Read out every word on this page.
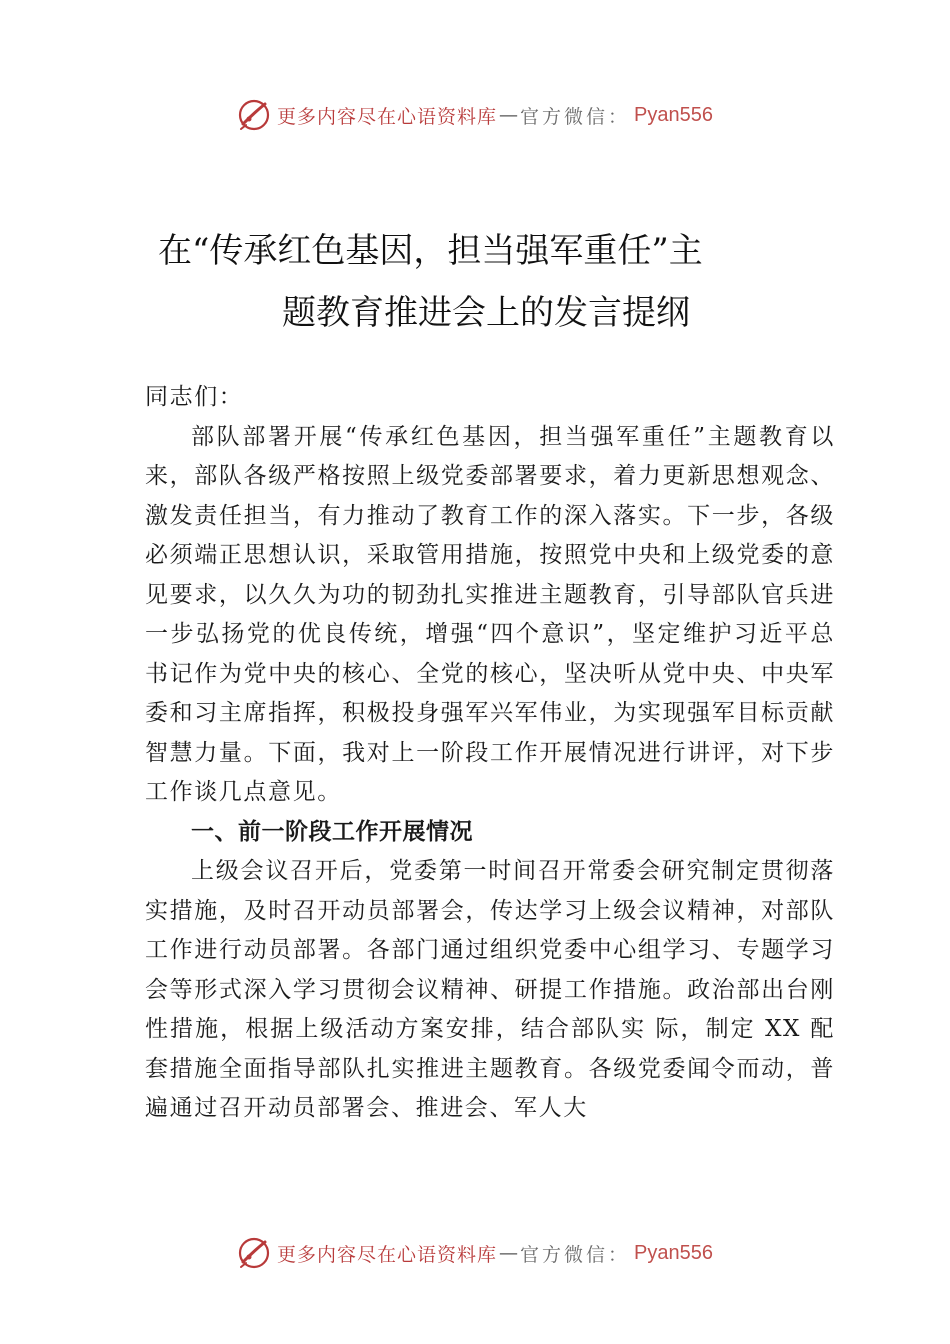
更多内容尽在心语资料库 — 官方微信： Pyan556
在“传承红色基因，担当强军重任”主
题教育推进会上的发言提纲

同志们：

部队部署开展“传承红色基因，担当强军重任”主题教育以来，部队各级严格按照上级党委部署要求，着力更新思想观念、激发责任担当，有力推动了教育工作的深入落实。下一步，各级必须端正思想认识，采取管用措施，按照党中央和上级党委的意见要求，以久久为功的韧劲扎实推进主题教育，引导部队官兵进一步弘扬党的优良传统，增强“四个意识”，坚定维护习近平总书记作为党中央的核心、全党的核心，坚决听从党中央、中央军委和习主席指挥，积极投身强军兴军伟业，为实现强军目标贡献智慧力量。下面，我对上一阶段工作开展情况进行讲评，对下步工作谈几点意见。

一、前一阶段工作开展情况

上级会议召开后，党委第一时间召开常委会研究制定贯彻落实措施，及时召开动员部署会，传达学习上级会议精神，对部队工作进行动员部署。各部门通过组织党委中心组学习、专题学习会等形式深入学习贯彻会议精神、研提工作措施。政治部出台刚性措施，根据上级活动方案安排，结合部队实 际，制定 XX 配套措施全面指导部队扎实推进主题教育。各级党委闻令而动，普遍通过召开动员部署会、推进会、军人大

更多内容尽在心语资料库 — 官方微信： Pyan556
